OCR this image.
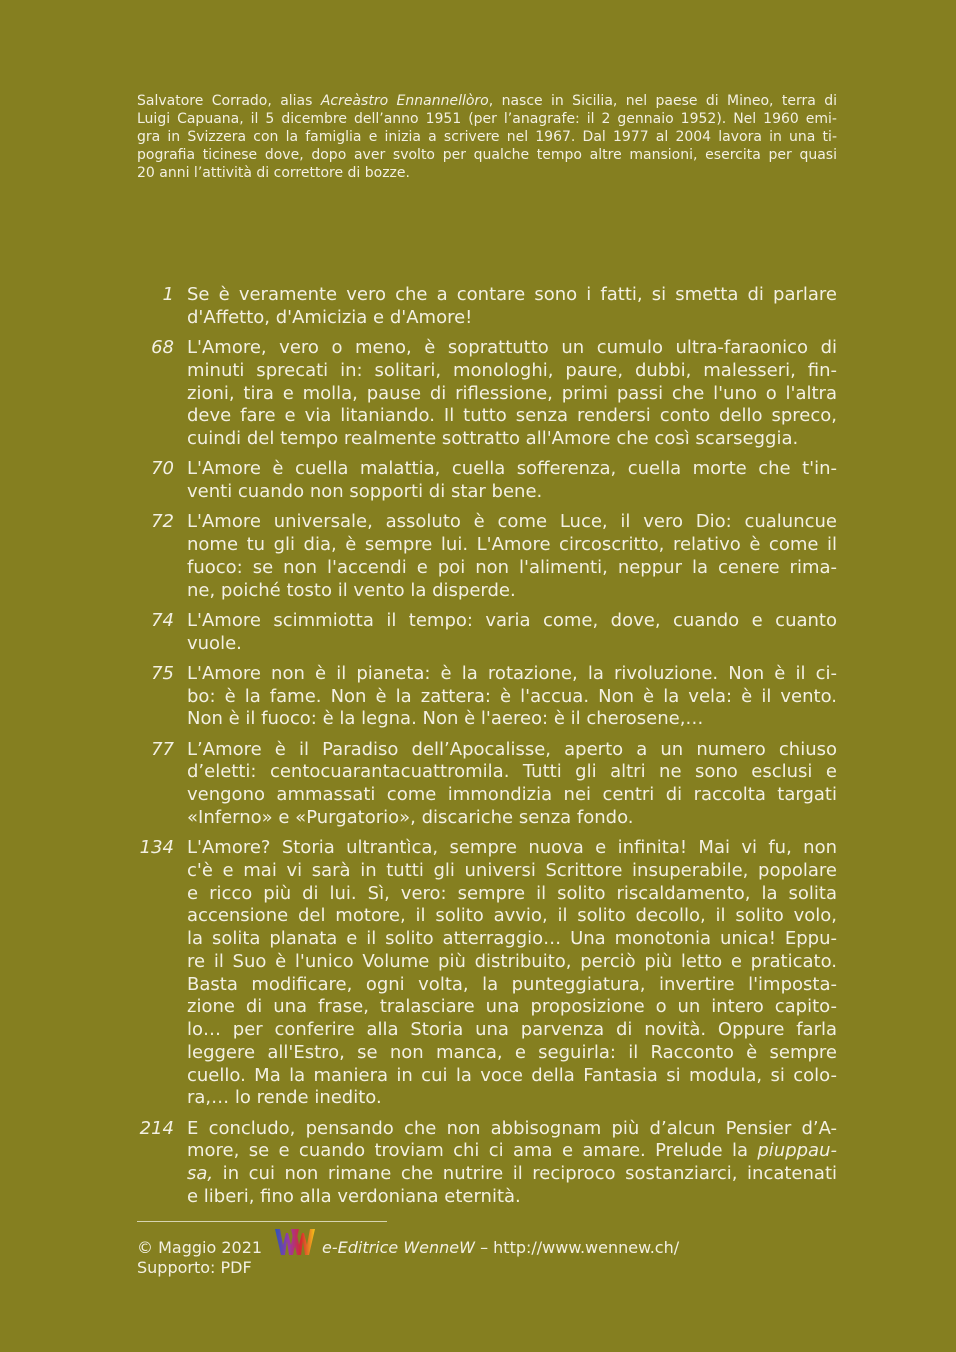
Salvatore Corrado, alias Acreàstro Ennannellòro, nasce in Sicilia, nel paese di Mineo, terra di
Luigi Capuana, il 5 dicembre dell’anno 1951 (per l’anagrafe: il 2 gennaio 1952). Nel 1960 emi-
gra in Svizzera con la famiglia e inizia a scrivere nel 1967. Dal 1977 al 2004 lavora in una ti-
pografia ticinese dove, dopo aver svolto per qualche tempo altre mansioni, esercita per quasi
20 anni l’attività di correttore di bozze.
1 Se è veramente vero che a contare sono i fatti, si smetta di parlare
d'Affetto, d'Amicizia e d'Amore!
68 L'Amore, vero o meno, è soprattutto un cumulo ultra-faraonico di
minuti sprecati in: solitari, monologhi, paure, dubbi, malesseri, fin-
zioni, tira e molla, pause di riflessione, primi passi che l'uno o l'altra
deve fare e via litaniando. Il tutto senza rendersi conto dello spreco,
cuindi del tempo realmente sottratto all'Amore che così scarseggia.
70 L'Amore è cuella malattia, cuella sofferenza, cuella morte che t'in-
venti cuando non sopporti di star bene.
72 L'Amore universale, assoluto è come Luce, il vero Dio: cualuncue
nome tu gli dia, è sempre lui. L'Amore circoscritto, relativo è come il
fuoco: se non l'accendi e poi non l'alimenti, neppur la cenere rima-
ne, poiché tosto il vento la disperde.
74 L'Amore scimmiotta il tempo: varia come, dove, cuando e cuanto
vuole.
75 L'Amore non è il pianeta: è la rotazione, la rivoluzione. Non è il ci-
bo: è la fame. Non è la zattera: è l'accua. Non è la vela: è il vento.
Non è il fuoco: è la legna. Non è l'aereo: è il cherosene,…
77 L’Amore è il Paradiso dell’Apocalisse, aperto a un numero chiuso
d’eletti: centocuarantacuattromila. Tutti gli altri ne sono esclusi e
vengono ammassati come immondizia nei centri di raccolta targati
«Inferno» e «Purgatorio», discariche senza fondo.
134 L'Amore? Storia ultrantìca, sempre nuova e infinita! Mai vi fu, non
c'è e mai vi sarà in tutti gli universi Scrittore insuperabile, popolare
e ricco più di lui. Sì, vero: sempre il solito riscaldamento, la solita
accensione del motore, il solito avvio, il solito decollo, il solito volo,
la solita planata e il solito atterraggio… Una monotonia unica! Eppu-
re il Suo è l'unico Volume più distribuito, perciò più letto e praticato.
Basta modificare, ogni volta, la punteggiatura, invertire l'imposta-
zione di una frase, tralasciare una proposizione o un intero capito-
lo… per conferire alla Storia una parvenza di novità. Oppure farla
leggere all'Estro, se non manca, e seguirla: il Racconto è sempre
cuello. Ma la maniera in cui la voce della Fantasia si modula, si colo-
ra,… lo rende inedito.
214 E concludo, pensando che non abbisognam più d’alcun Pensier d’A-
more, se e cuando troviam chi ci ama e amare. Prelude la piuppau-
sa, in cui non rimane che nutrire il reciproco sostanziarci, incatenati
e liberi, fino alla verdoniana eternità.
© Maggio 2021	e-Editrice WenneW – http://www.wennew.ch/
Supporto: PDF
